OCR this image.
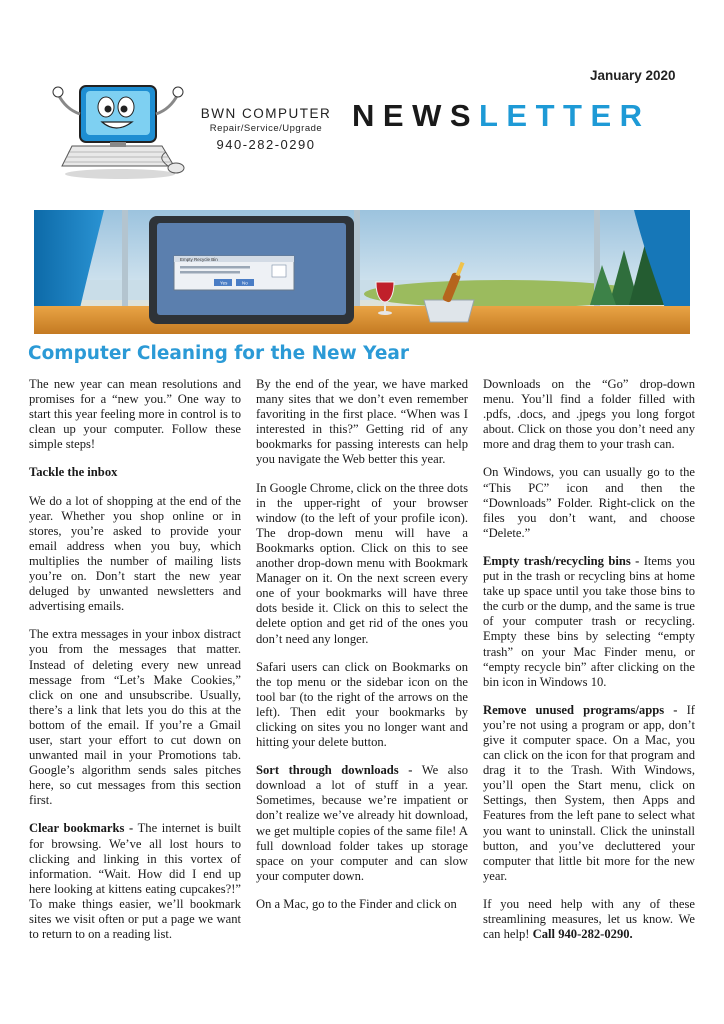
January 2020
BWN COMPUTER
Repair/Service/Upgrade
940-282-0290
NEWSLETTER
Empty Recycle Bin
Yes	No
Computer Cleaning for the New Year

The new year can mean resolutions and promises for a “new you.” One way to start this year feeling more in control is to clean up your computer. Follow these simple steps!

Tackle the inbox

We do a lot of shopping at the end of the year. Whether you shop online or in stores, you’re asked to provide your email address when you buy, which multiplies the number of mailing lists you’re on. Don’t start the new year deluged by unwanted newsletters and advertising emails.

The extra messages in your inbox distract you from the messages that matter. Instead of deleting every new unread message from “Let’s Make Cookies,” click on one and unsubscribe. Usually, there’s a link that lets you do this at the bottom of the email. If you’re a Gmail user, start your effort to cut down on unwanted mail in your Promotions tab. Google’s algorithm sends sales pitches here, so cut messages from this section first.

Clear bookmarks - The internet is built for browsing. We’ve all lost hours to clicking and linking in this vortex of information. “Wait. How did I end up here looking at kittens eating cupcakes?!” To make things easier, we’ll bookmark sites we visit often or put a page we want to return to on a reading list.

By the end of the year, we have marked many sites that we don’t even remember favoriting in the first place. “When was I interested in this?” Getting rid of any bookmarks for passing interests can help you navigate the Web better this year.

In Google Chrome, click on the three dots in the upper-right of your browser window (to the left of your profile icon). The drop-down menu will have a Bookmarks option. Click on this to see another drop-down menu with Bookmark Manager on it. On the next screen every one of your bookmarks will have three dots beside it. Click on this to select the delete option and get rid of the ones you don’t need any longer.

Safari users can click on Bookmarks on the top menu or the sidebar icon on the tool bar (to the right of the arrows on the left). Then edit your bookmarks by clicking on sites you no longer want and hitting your delete button.

Sort through downloads - We also download a lot of stuff in a year. Sometimes, because we’re impatient or don’t realize we’ve already hit download, we get multiple copies of the same file! A full download folder takes up storage space on your computer and can slow your computer down.

On a Mac, go to the Finder and click on

Downloads on the “Go” drop-down menu. You’ll find a folder filled with .pdfs, .docs, and .jpegs you long forgot about. Click on those you don’t need any more and drag them to your trash can.

On Windows, you can usually go to the “This PC” icon and then the “Downloads” Folder. Right-click on the files you don’t want, and choose “Delete.”

Empty trash/recycling bins - Items you put in the trash or recycling bins at home take up space until you take those bins to the curb or the dump, and the same is true of your computer trash or recycling. Empty these bins by selecting “empty trash” on your Mac Finder menu, or “empty recycle bin” after clicking on the bin icon in Windows 10.

Remove unused programs/apps - If you’re not using a program or app, don’t give it computer space. On a Mac, you can click on the icon for that program and drag it to the Trash. With Windows, you’ll open the Start menu, click on Settings, then System, then Apps and Features from the left pane to select what you want to uninstall. Click the uninstall button, and you’ve decluttered your computer that little bit more for the new year.

If you need help with any of these streamlining measures, let us know. We can help! Call 940-282-0290.
